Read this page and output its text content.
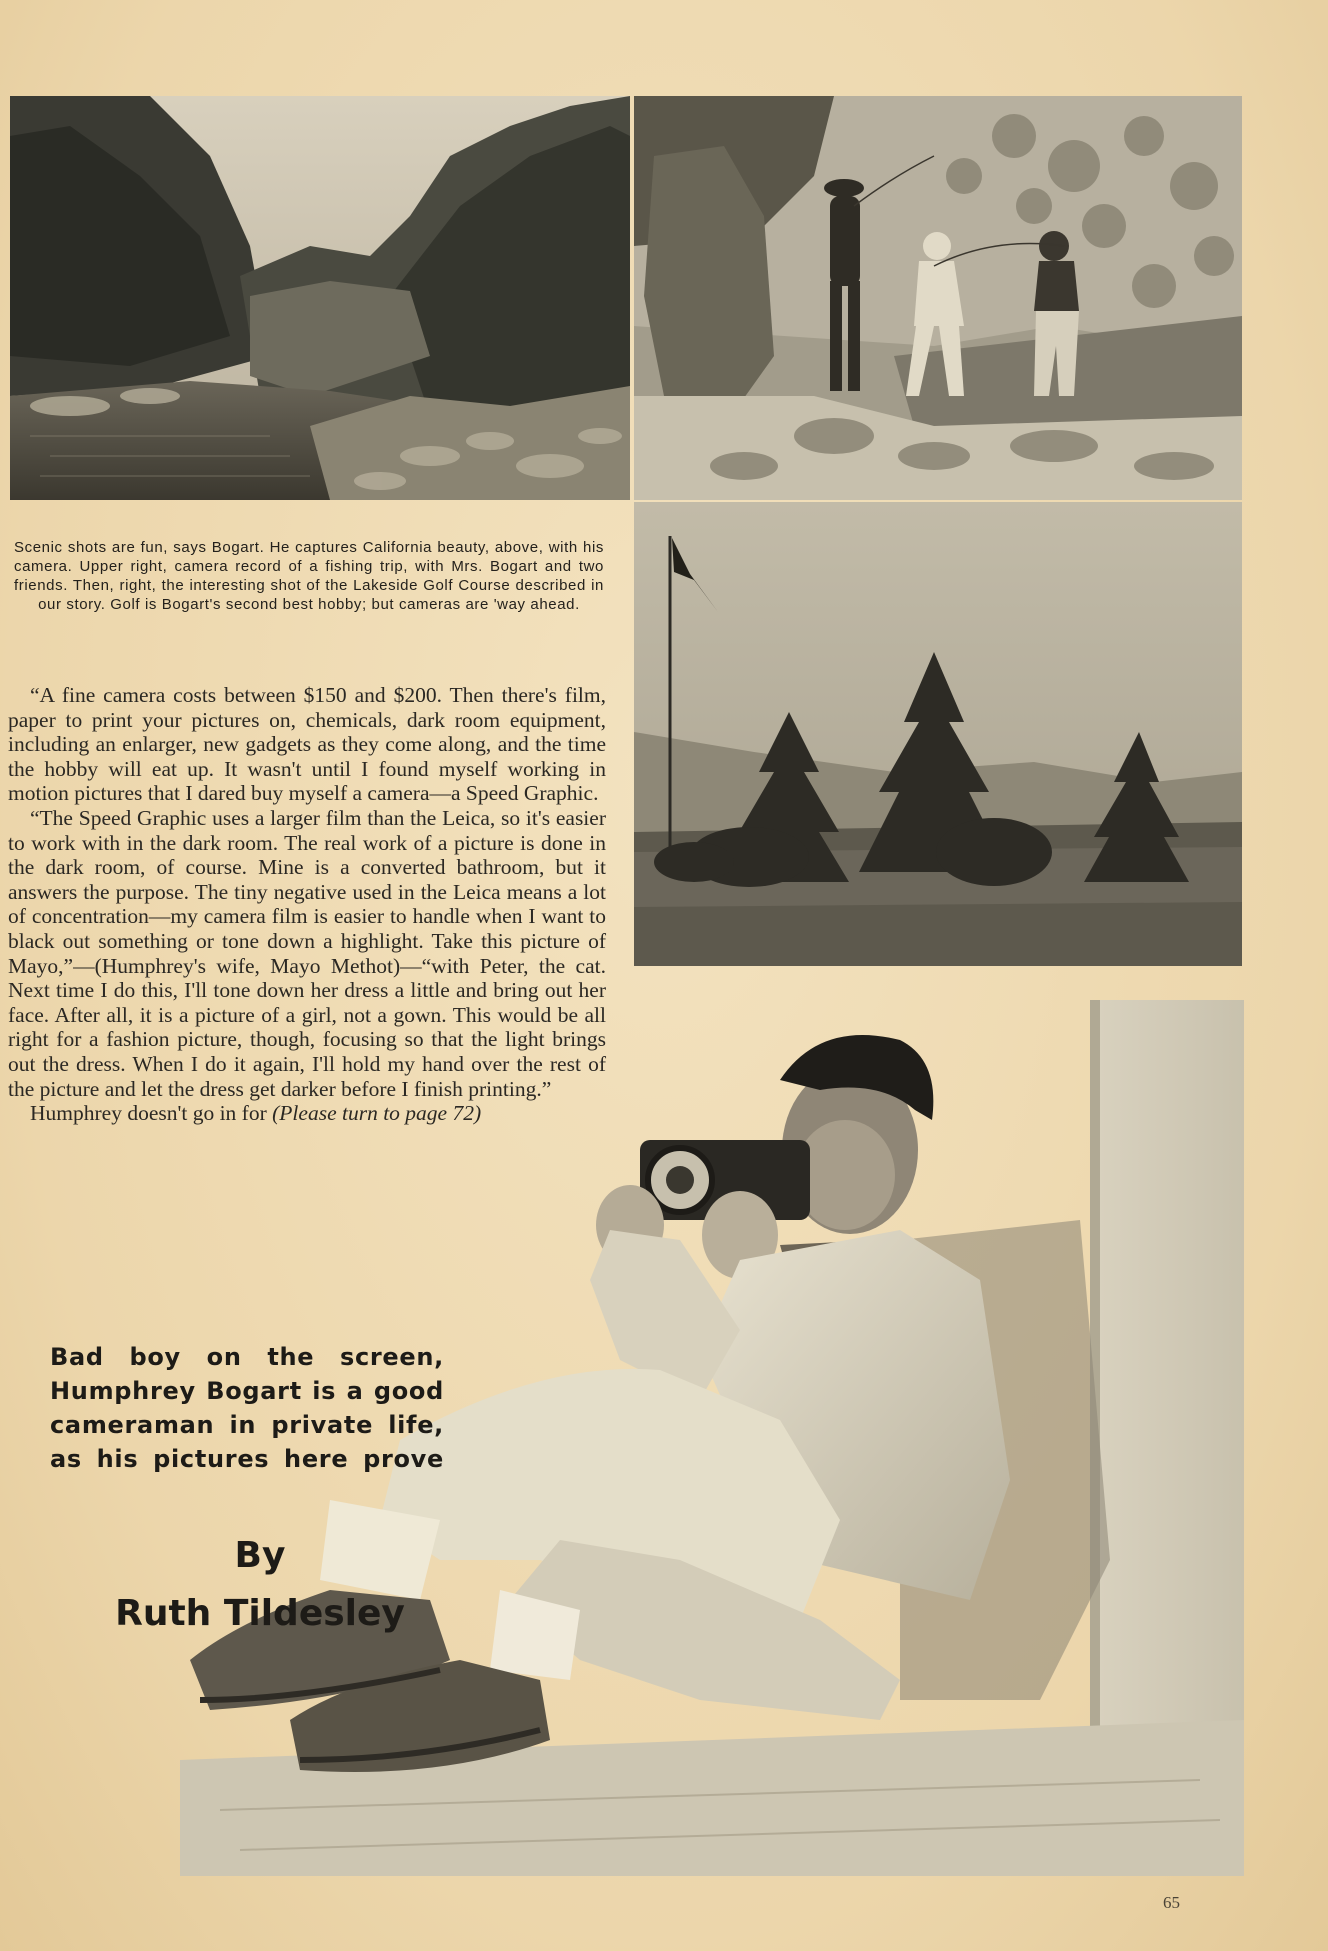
Scenic shots are fun, says Bogart. He captures California beauty, above, with his camera. Upper right, camera record of a fishing trip, with Mrs. Bogart and two friends. Then, right, the interesting shot of the Lakeside Golf Course described in our story. Golf is Bogart's second best hobby; but cameras are 'way ahead.

“A fine camera costs between $150 and $200. Then there's film, paper to print your pictures on, chemicals, dark room equipment, including an enlarger, new gadgets as they come along, and the time the hobby will eat up. It wasn't until I found myself working in motion pictures that I dared buy myself a camera—a Speed Graphic.

“The Speed Graphic uses a larger film than the Leica, so it's easier to work with in the dark room. The real work of a picture is done in the dark room, of course. Mine is a converted bathroom, but it answers the purpose. The tiny negative used in the Leica means a lot of concentration—my camera film is easier to handle when I want to black out something or tone down a highlight. Take this picture of Mayo,”—(Humphrey's wife, Mayo Methot)—“with Peter, the cat. Next time I do this, I'll tone down her dress a little and bring out her face. After all, it is a picture of a girl, not a gown. This would be all right for a fashion picture, though, focusing so that the light brings out the dress. When I do it again, I'll hold my hand over the rest of the picture and let the dress get darker before I finish printing.”

Humphrey doesn't go in for (Please turn to page 72)

Bad boy on the screen, Humphrey Bogart is a good cameraman in private life, as his pictures here prove
By
Ruth Tildesley
65
